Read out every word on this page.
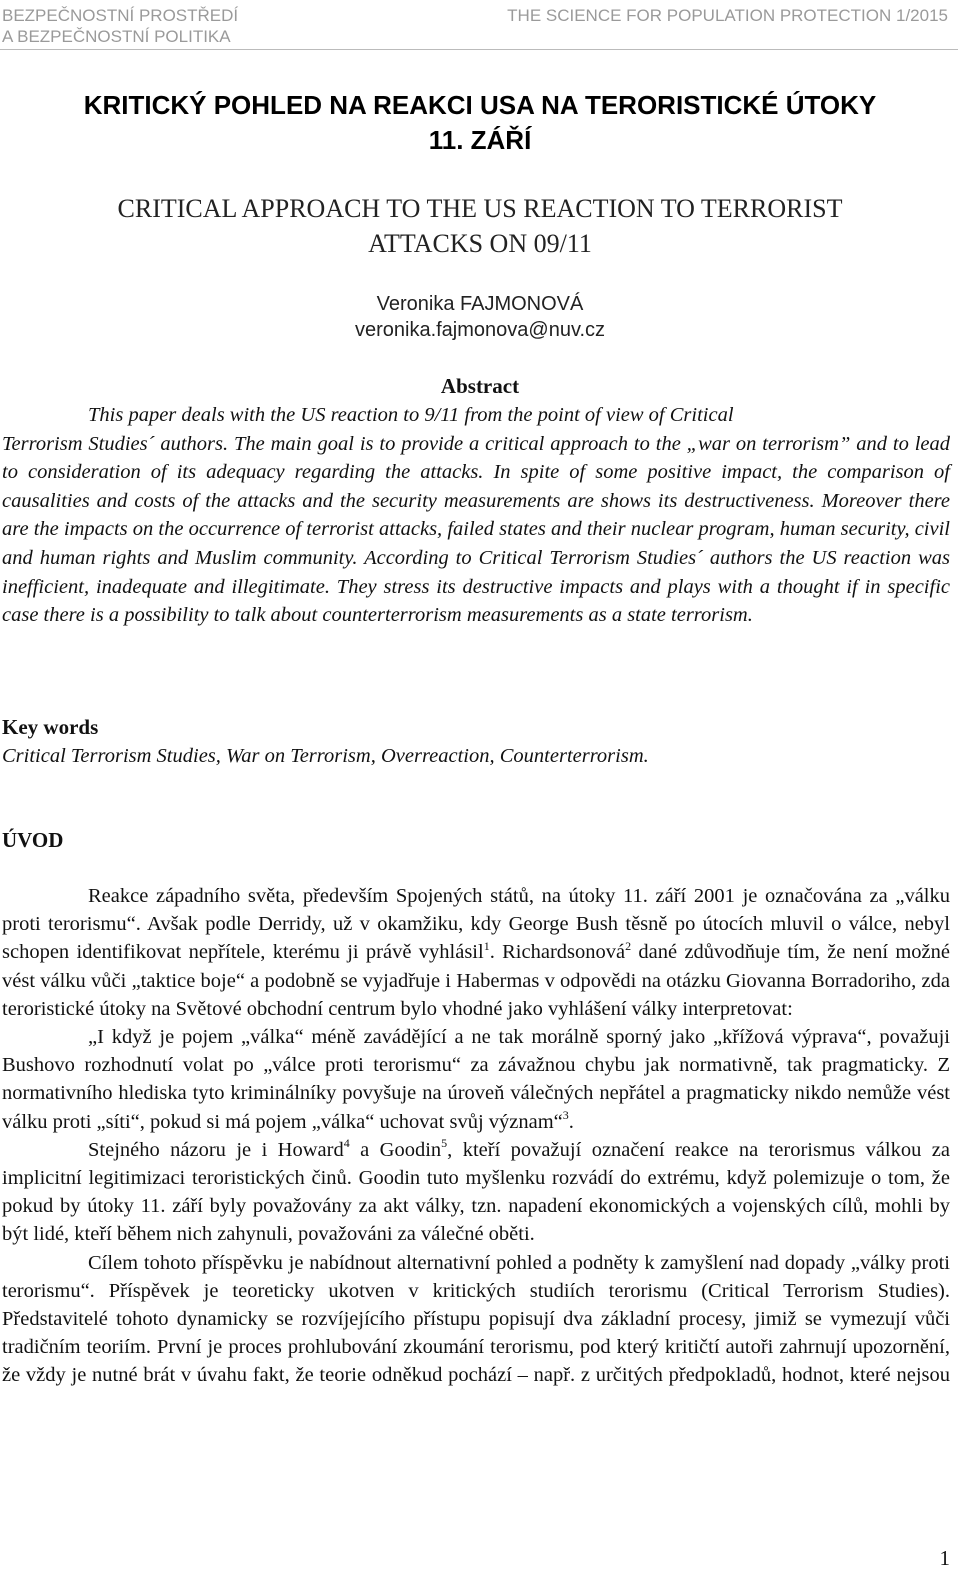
BEZPEČNOSTNÍ PROSTŘEDÍ
A BEZPEČNOSTNÍ POLITIKA
THE SCIENCE FOR POPULATION PROTECTION 1/2015
KRITICKÝ POHLED NA REAKCI USA NA TERORISTICKÉ ÚTOKY
11. ZÁŘÍ
CRITICAL APPROACH TO THE US REACTION TO TERRORIST
ATTACKS ON 09/11
Veronika FAJMONOVÁ
veronika.fajmonova@nuv.cz
Abstract

This paper deals with the US reaction to 9/11 from the point of view of Critical
Terrorism Studies´ authors. The main goal is to provide a critical approach to the „war on terrorism” and to lead to consideration of its adequacy regarding the attacks. In spite of some positive impact, the comparison of causalities and costs of the attacks and the security measurements are shows its destructiveness. Moreover there are the impacts on the occurrence of terrorist attacks, failed states and their nuclear program, human security, civil and human rights and Muslim community. According to Critical Terrorism Studies´ authors the US reaction was inefficient, inadequate and illegitimate. They stress its destructive impacts and plays with a thought if in specific case there is a possibility to talk about counterterrorism measurements as a state terrorism.

Key words
Critical Terrorism Studies, War on Terrorism, Overreaction, Counterterrorism.
ÚVOD

Reakce západního světa, především Spojených států, na útoky 11. září 2001 je označována za „válku proti terorismu“. Avšak podle Derridy, už v okamžiku, kdy George Bush těsně po útocích mluvil o válce, nebyl schopen identifikovat nepřítele, kterému ji právě vyhlásil$^1$. Richardsonová$^2$ dané zdůvodňuje tím, že není možné vést válku vůči „taktice boje“ a podobně se vyjadřuje i Habermas v odpovědi na otázku Giovanna Borradoriho, zda teroristické útoky na Světové obchodní centrum bylo vhodné jako vyhlášení války interpretovat:

„I když je pojem „válka“ méně zavádějící a ne tak morálně sporný jako „křížová výprava“, považuji Bushovo rozhodnutí volat po „válce proti terorismu“ za závažnou chybu jak normativně, tak pragmaticky. Z normativního hlediska tyto kriminálníky povyšuje na úroveň válečných nepřátel a pragmaticky nikdo nemůže vést válku proti „síti“, pokud si má pojem „válka“ uchovat svůj význam“$^3$.

Stejného názoru je i Howard$^4$ a Goodin$^5$, kteří považují označení reakce na terorismus válkou za implicitní legitimizaci teroristických činů. Goodin tuto myšlenku rozvádí do extrému, když polemizuje o tom, že pokud by útoky 11. září byly považovány za akt války, tzn. napadení ekonomických a vojenských cílů, mohli by být lidé, kteří během nich zahynuli, považováni za válečné oběti.

Cílem tohoto příspěvku je nabídnout alternativní pohled a podněty k zamyšlení nad dopady „války proti terorismu“. Příspěvek je teoreticky ukotven v kritických studiích terorismu (Critical Terrorism Studies). Představitelé tohoto dynamicky se rozvíjejícího přístupu popisují dva základní procesy, jimiž se vymezují vůči tradičním teoriím. První je proces prohlubování zkoumání terorismu, pod který kritičtí autoři zahrnují upozornění, že vždy je nutné brát v úvahu fakt, že teorie odněkud pochází – např. z určitých předpokladů, hodnot, které nejsou

1
